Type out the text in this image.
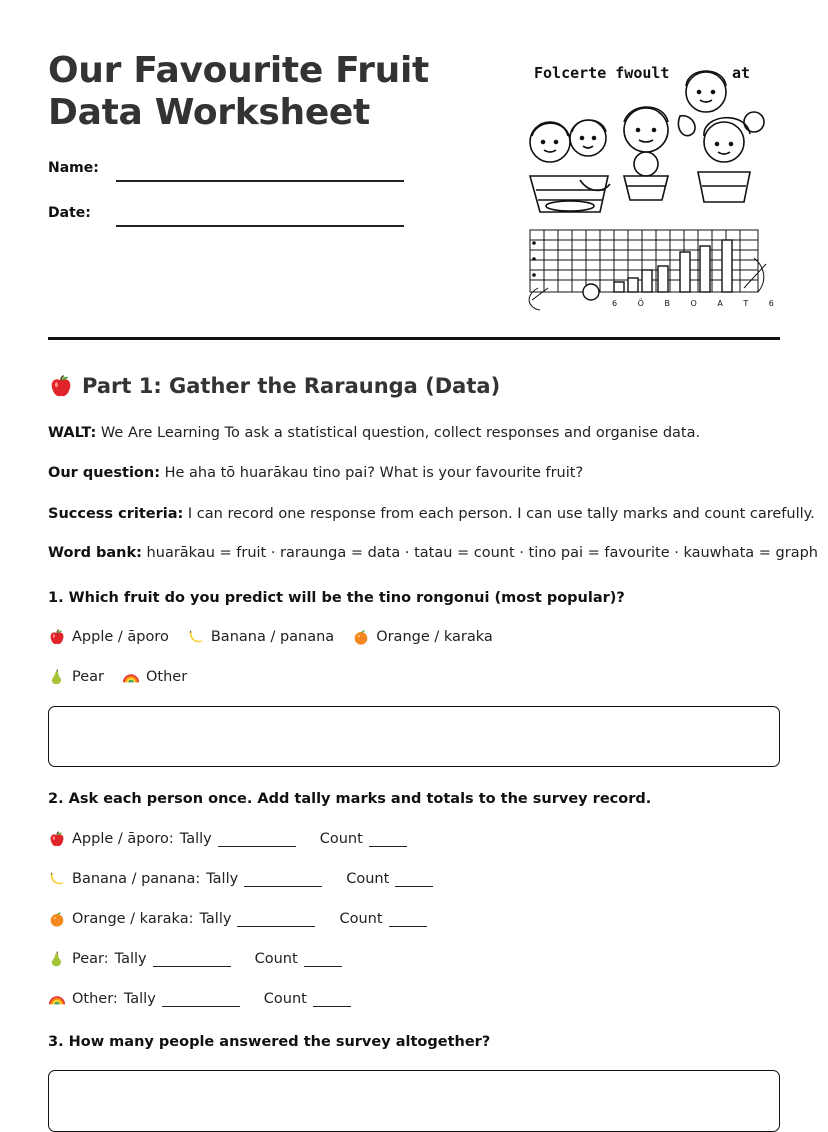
Our Favourite Fruit Data Worksheet
Name:
Date:
Folcerte fwoult	at
6 Ö B O A T 6
Part 1: Gather the Raraunga (Data)
WALT: We Are Learning To ask a statistical question, collect responses and organise data.
Our question: He aha tō huarākau tino pai? What is your favourite fruit?
Success criteria: I can record one response from each person. I can use tally marks and count carefully.
Word bank: huarākau = fruit · raraunga = data · tatau = count · tino pai = favourite · kauwhata = graph
1. Which fruit do you predict will be the tino rongonui (most popular)?
Apple / āporo	Banana / panana	Orange / karaka
Pear	Other
2. Ask each person once. Add tally marks and totals to the survey record.
Apple / āporo: Tally	Count
Banana / panana: Tally	Count
Orange / karaka: Tally	Count
Pear: Tally	Count
Other: Tally	Count
3. How many people answered the survey altogether?
